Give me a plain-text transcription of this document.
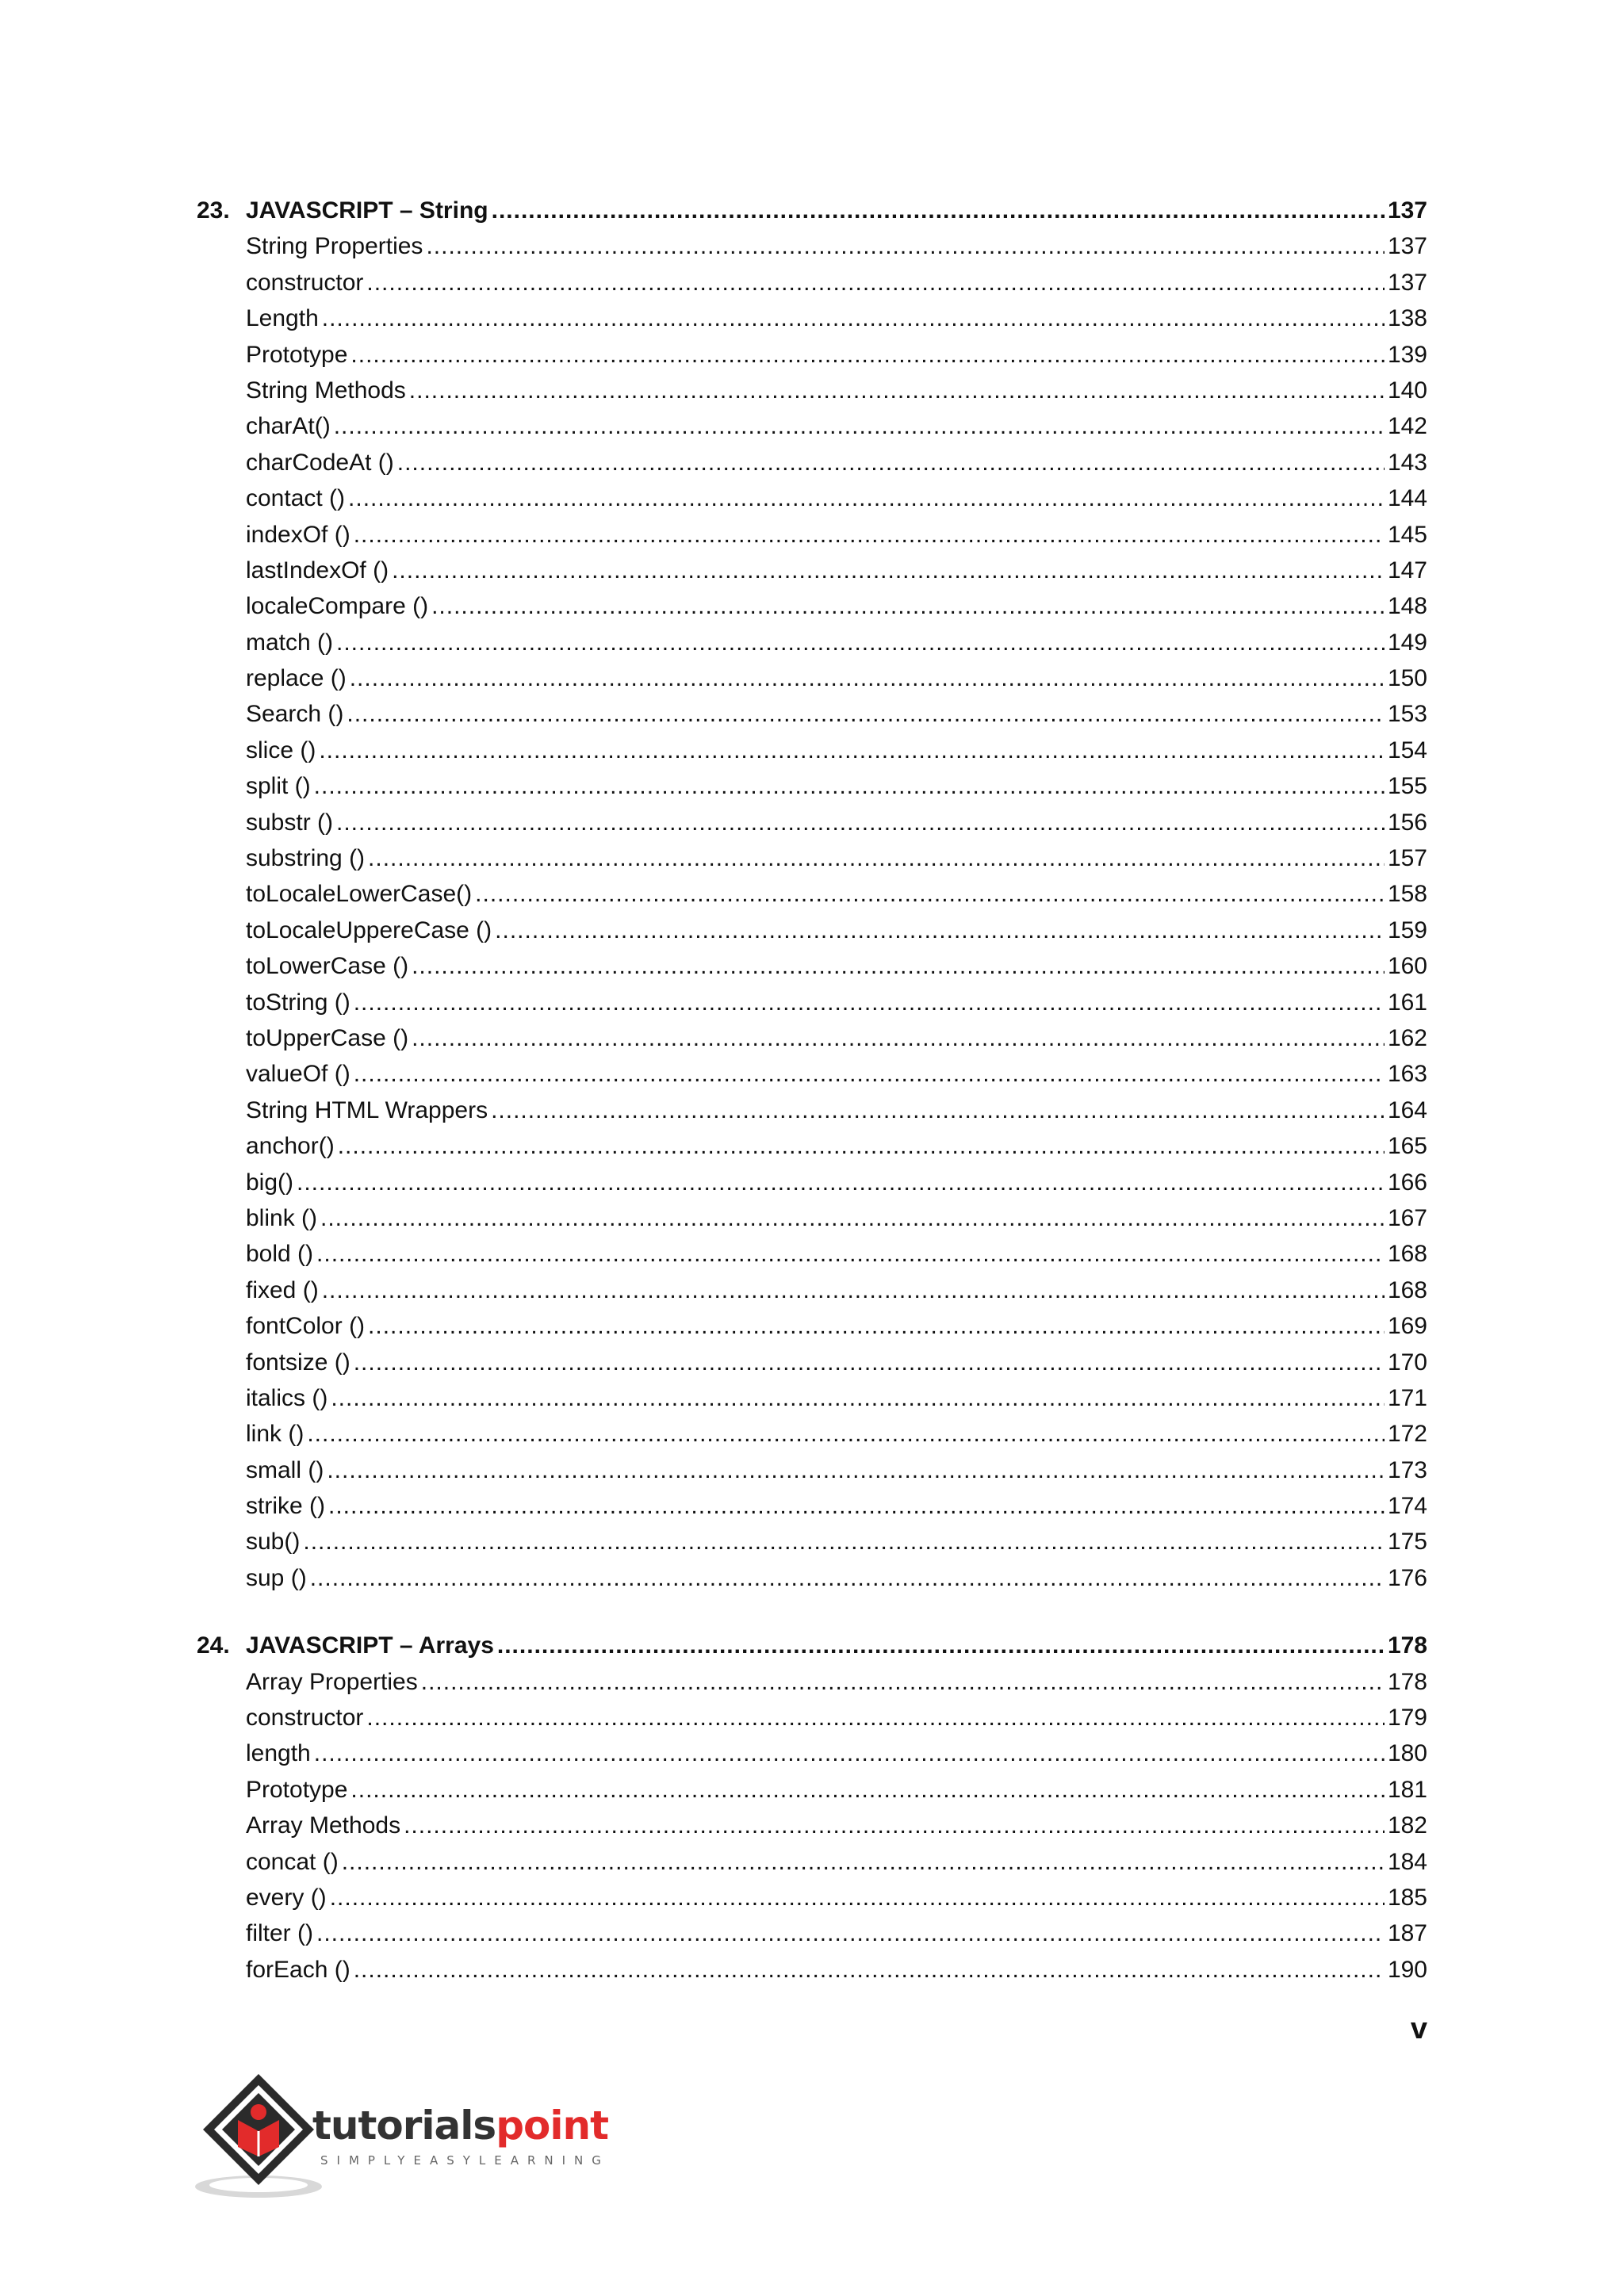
23. JAVASCRIPT – String .....	137
String Properties .....	137
constructor .....	137
Length .....	138
Prototype .....	139
String Methods .....	140
charAt() .....	142
charCodeAt () .....	143
contact () .....	144
indexOf () .....	145
lastIndexOf () .....	147
localeCompare () .....	148
match () .....	149
replace () .....	150
Search () .....	153
slice () .....	154
split () .....	155
substr () .....	156
substring () .....	157
toLocaleLowerCase() .....	158
toLocaleUppereCase () .....	159
toLowerCase () .....	160
toString () .....	161
toUpperCase () .....	162
valueOf () .....	163
String HTML Wrappers .....	164
anchor() .....	165
big() .....	166
blink () .....	167
bold () .....	168
fixed () .....	168
fontColor () .....	169
fontsize () .....	170
italics () .....	171
link () .....	172
small () .....	173
strike () .....	174
sub() .....	175
sup () .....	176
24. JAVASCRIPT – Arrays .....	178
Array Properties .....	178
constructor .....	179
length .....	180
Prototype .....	181
Array Methods .....	182
concat () .....	184
every () .....	185
filter () .....	187
forEach () .....	190
v
tutorialspoint
SIMPLYEASYLEARNING
